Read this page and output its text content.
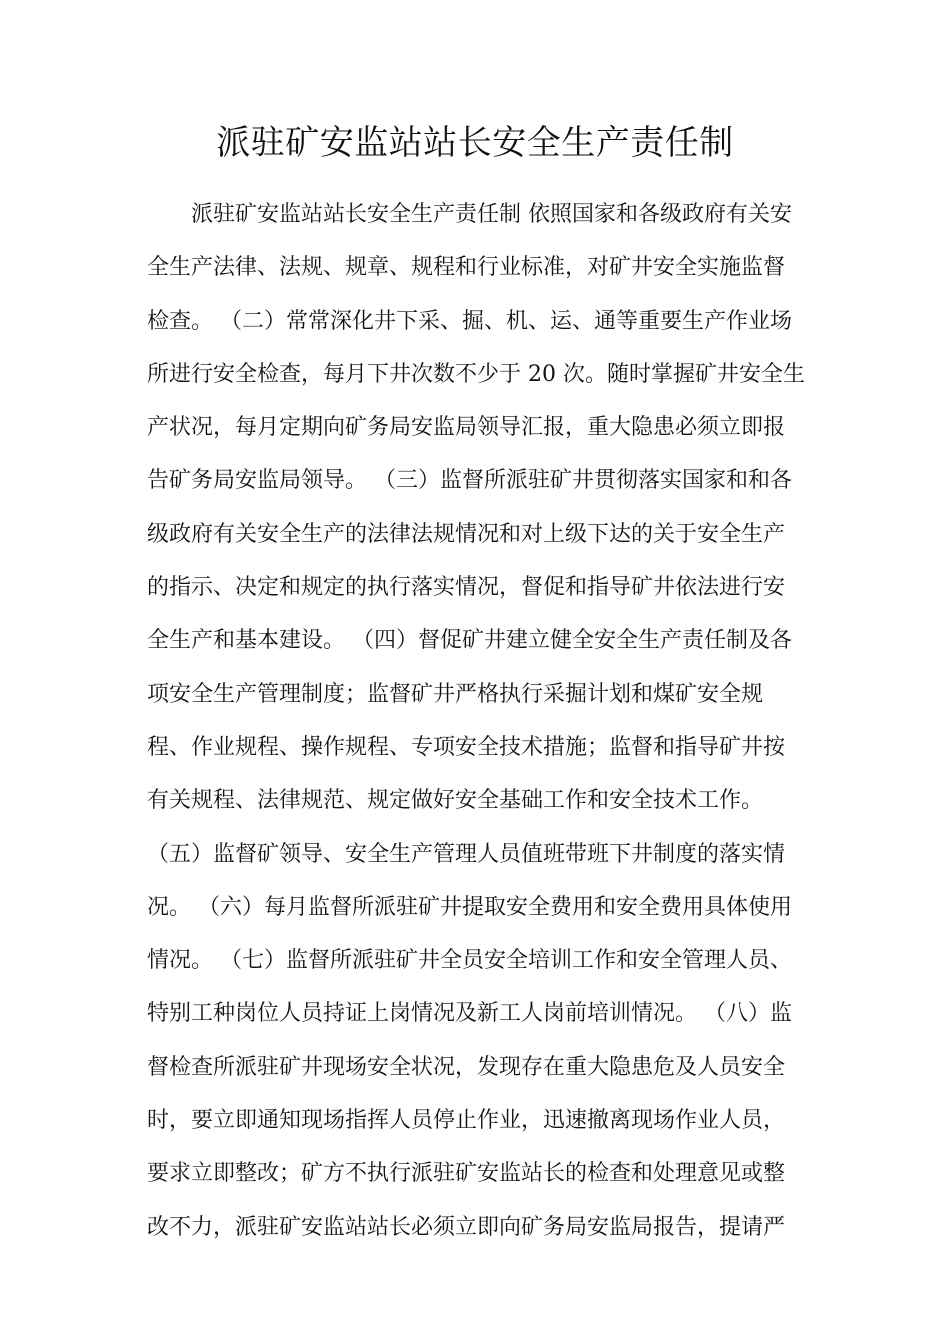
派驻矿安监站站长安全生产责任制
派驻矿安监站站长安全生产责任制 依照国家和各级政府有关安
全生产法律、法规、规章、规程和行业标准，对矿井安全实施监督
检查。 （二）常常深化井下采、掘、机、运、通等重要生产作业场
所进行安全检查，每月下井次数不少于 20 次。随时掌握矿井安全生
产状况，每月定期向矿务局安监局领导汇报，重大隐患必须立即报
告矿务局安监局领导。 （三）监督所派驻矿井贯彻落实国家和和各
级政府有关安全生产的法律法规情况和对上级下达的关于安全生产
的指示、决定和规定的执行落实情况，督促和指导矿井依法进行安
全生产和基本建设。 （四）督促矿井建立健全安全生产责任制及各
项安全生产管理制度；监督矿井严格执行采掘计划和煤矿安全规
程、作业规程、操作规程、专项安全技术措施；监督和指导矿井按
有关规程、法律规范、规定做好安全基础工作和安全技术工作。
（五）监督矿领导、安全生产管理人员值班带班下井制度的落实情
况。 （六）每月监督所派驻矿井提取安全费用和安全费用具体使用
情况。 （七）监督所派驻矿井全员安全培训工作和安全管理人员、
特别工种岗位人员持证上岗情况及新工人岗前培训情况。 （八）监
督检查所派驻矿井现场安全状况，发现存在重大隐患危及人员安全
时，要立即通知现场指挥人员停止作业，迅速撤离现场作业人员，
要求立即整改；矿方不执行派驻矿安监站长的检查和处理意见或整
改不力，派驻矿安监站站长必须立即向矿务局安监局报告，提请严
